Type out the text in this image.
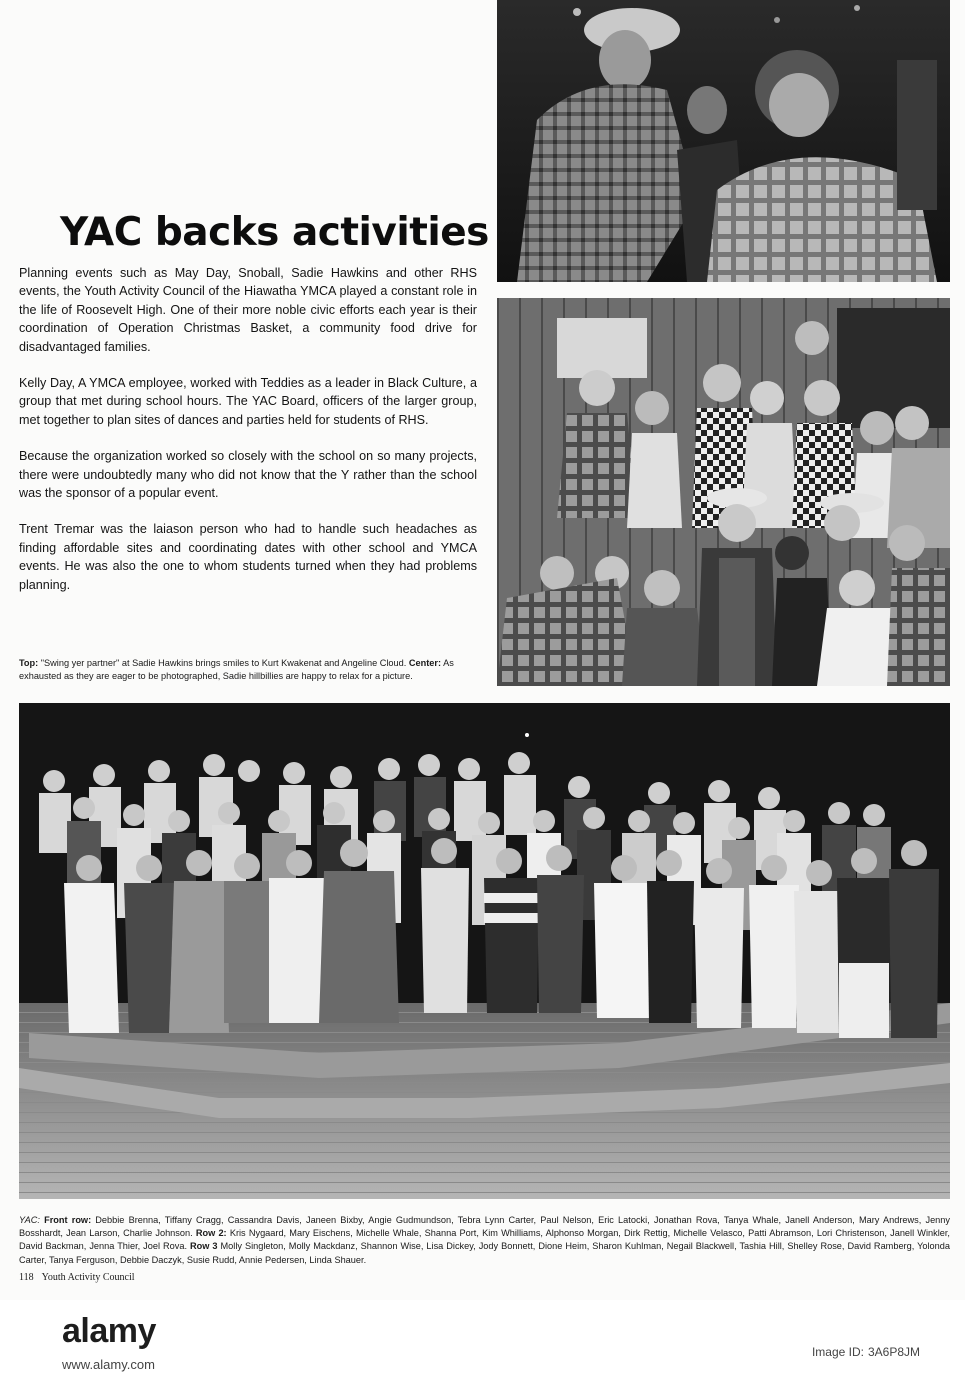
YAC backs activities

Planning events such as May Day, Snoball, Sadie Hawkins and other RHS events, the Youth Activity Council of the Hiawatha YMCA played a constant role in the life of Roosevelt High. One of their more noble civic efforts each year is their coordination of Operation Christmas Basket, a community food drive for disadvantaged families.

Kelly Day, A YMCA employee, worked with Teddies as a leader in Black Culture, a group that met during school hours. The YAC Board, officers of the larger group, met together to plan sites of dances and parties held for students of RHS.

Because the organization worked so closely with the school on so many projects, there were undoubtedly many who did not know that the Y rather than the school was the sponsor of a popular event.

Trent Tremar was the laiason person who had to handle such headaches as finding affordable sites and coordinating dates with other school and YMCA events. He was also the one to whom students turned when they had problems planning.

Top: "Swing yer partner" at Sadie Hawkins brings smiles to Kurt Kwakenat and Angeline Cloud. Center: As exhausted as they are eager to be photographed, Sadie hillbillies are happy to relax for a picture.
YAC: Front row: Debbie Brenna, Tiffany Cragg, Cassandra Davis, Janeen Bixby, Angie Gudmundson, Tebra Lynn Carter, Paul Nelson, Eric Latocki, Jonathan Rova, Tanya Whale, Janell Anderson, Mary Andrews, Jenny Bosshardt, Jean Larson, Charlie Johnson. Row 2: Kris Nygaard, Mary Eischens, Michelle Whale, Shanna Port, Kim Whilliams, Alphonso Morgan, Dirk Rettig, Michelle Velasco, Patti Abramson, Lori Christenson, Janell Winkler, David Backman, Jenna Thier, Joel Rova. Row 3 Molly Singleton, Molly Mackdanz, Shannon Wise, Lisa Dickey, Jody Bonnett, Dione Heim, Sharon Kuhlman, Negail Blackwell, Tashia Hill, Shelley Rose, David Ramberg, Yolonda Carter, Tanya Ferguson, Debbie Daczyk, Susie Rudd, Annie Pedersen, Linda Shauer.
118 Youth Activity Council
alamy
www.alamy.com
Image ID: 3A6P8JM
